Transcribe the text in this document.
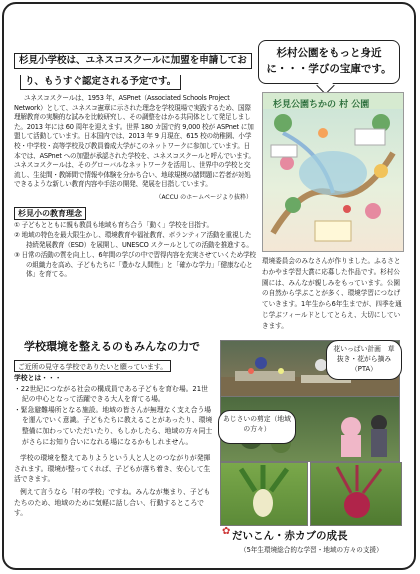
杉見小学校は、ユネスコスクールに加盟を申請してお
り、もうすぐ認定される予定です。

ユネスコスクールは、1953 年、ASPnet（Associated Schools Project Network）として、ユネスコ憲章に示された理念を学校現場で実践するため、国際理解教育の実験的な試みを比較研究し、その調整をはかる共同体として発足しました。2013 年には 60 周年を迎えます。世界 180 カ国で約 9,000 校が ASPnet に加盟して活動しています。日本国内では、2013 年 9 月現在、615 校の幼稚園、小学校・中学校・高等学校及び教員養成大学がこのネットワークに参加しています。日本では、ASPnet への加盟が承認された学校を、ユネスコスクールと呼んでいます。ユネスコスクールは、そのグローバルなネットワークを活用し、世界中の学校と交流し、生徒間・教師間で情報や体験を分かち合い、地球規模の諸問題に若者が対処できるような新しい教育内容や手法の開発、発展を目指しています。

（ACCU のホームページより抜粋）

杉見小の教育理念

① 子どもとともに親も教員も地域も育ち合う「動く」学校を目指す。

② 地域の特色を最大限生かし、環境教育や福祉教育、ボランティア活動を重視した持続発展教育（ESD）を展開し、UNESCO スクールとしての活動を推進する。

③ 日常の活動の質を向上し、6年間の学びの中で習得内容を充実させていくため学校の組織力を高め、子どもたちに「豊かな人間性」と「確かな学力」「健康な心と体」を育てる。

杉村公園をもっと身近
に・・・学びの宝庫です。
杉見公園ちかの 村 公園
環境委員会のみなさんが作りました。ふるさとわかやま学習大賞に応募した作品です。杉村公園には、みんなが親しみをもっています。公園の自然から学ぶことが多く、環境学習につなげていきます。1年生から6年生までが、四季を通じ学ぶフィールドとしてとらえ、大切にしていきます。
学校環境を整えるのもみんなの力で
ご近所の見守る学校でありたいと願っています。

学校とは・・・

・22世紀につながる社会の構成員である子どもを育む場。21世紀の中心となって活躍できる大人を育てる場。

・緊急避難場所となる施設。地域の皆さんが無理なく支え合う場を運んでいく意識。子どもたちに教えることがあったり、環境整備に加わっていただいたり、もしかしたら、地域の方々同士がさらにお知り合いになれる場になるかもしれません。

学校の環境を整えてありようという人と人とのつながりが発揮されます。環境が整ってくれば、子どもが落ち着き、安心して生活できます。

例えて言うなら「村の学校」ですね。みんなが集まり、子どもたちのため、地域のために気軽に話し合い、行動するところです。

花いっぱい計画　草抜き・花がら摘み（PTA）
あじさいの剪定（地域の方々）
✿ だいこん・赤カブの成長
（5年生環境総合的な学習・地域の方々の支援）
